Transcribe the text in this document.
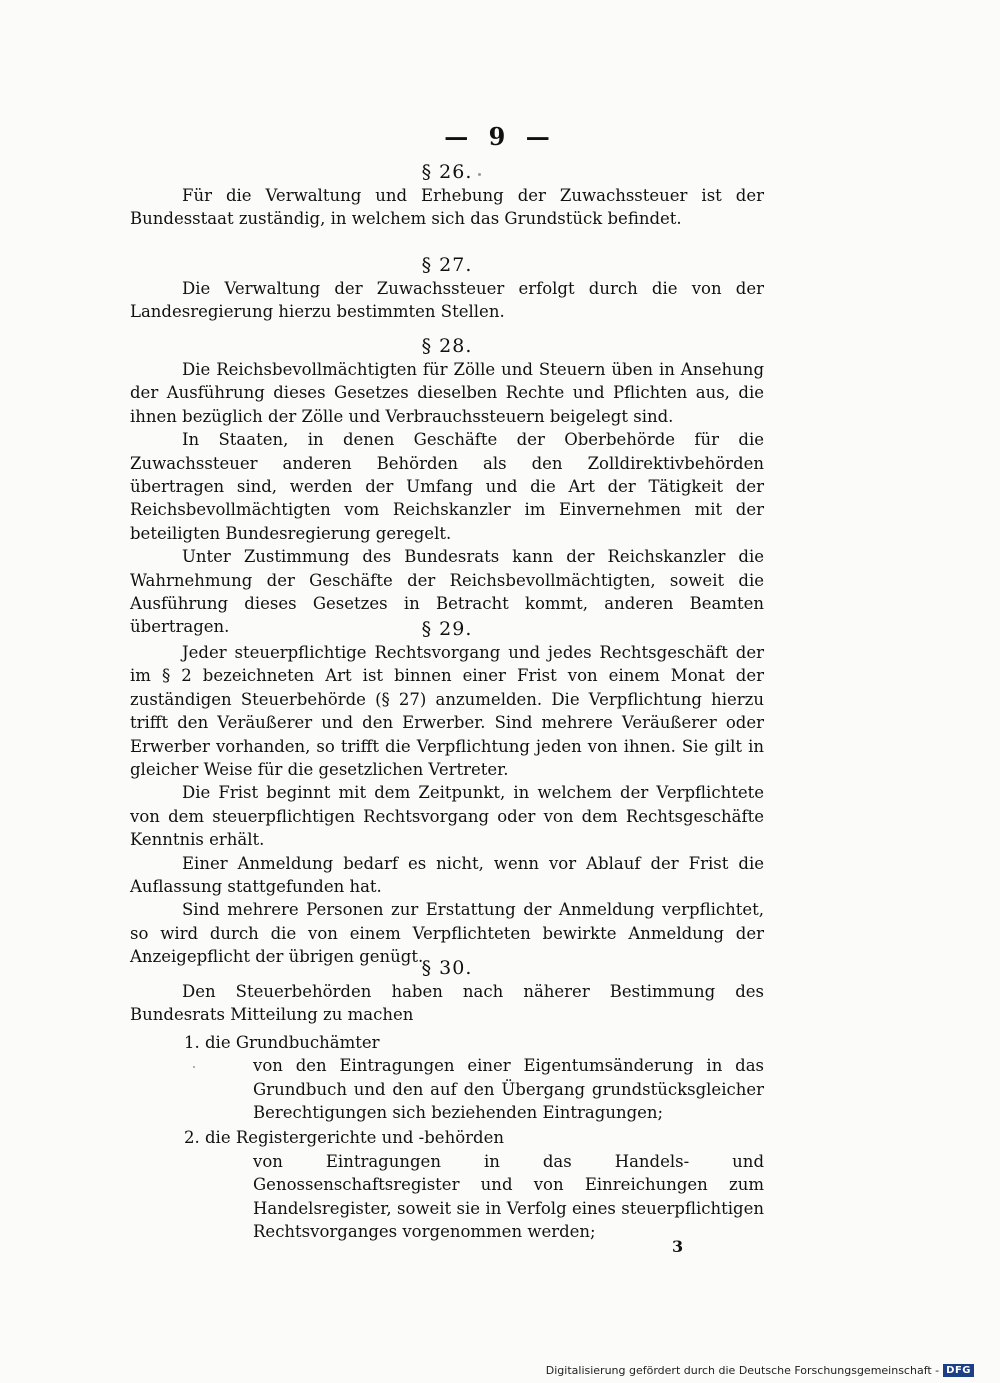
— 9 —

§ 26.

Für die Verwaltung und Erhebung der Zuwachssteuer ist der Bundesstaat zuständig, in welchem sich das Grundstück befindet.

§ 27.

Die Verwaltung der Zuwachssteuer erfolgt durch die von der Landesregierung hierzu bestimmten Stellen.

§ 28.

Die Reichsbevollmächtigten für Zölle und Steuern üben in Ansehung der Ausführung dieses Gesetzes dieselben Rechte und Pflichten aus, die ihnen bezüglich der Zölle und Verbrauchssteuern beigelegt sind.

In Staaten, in denen Geschäfte der Oberbehörde für die Zuwachssteuer anderen Behörden als den Zolldirektivbehörden übertragen sind, werden der Umfang und die Art der Tätigkeit der Reichsbevollmächtigten vom Reichskanzler im Einvernehmen mit der beteiligten Bundesregierung geregelt.

Unter Zustimmung des Bundesrats kann der Reichskanzler die Wahrnehmung der Geschäfte der Reichsbevollmächtigten, soweit die Ausführung dieses Gesetzes in Betracht kommt, anderen Beamten übertragen.	§ 29.

Jeder steuerpflichtige Rechtsvorgang und jedes Rechtsgeschäft der im § 2 bezeichneten Art ist binnen einer Frist von einem Monat der zuständigen Steuerbehörde (§ 27) anzumelden. Die Verpflichtung hierzu trifft den Veräußerer und den Erwerber. Sind mehrere Veräußerer oder Erwerber vorhanden, so trifft die Verpflichtung jeden von ihnen. Sie gilt in gleicher Weise für die gesetzlichen Vertreter.

Die Frist beginnt mit dem Zeitpunkt, in welchem der Verpflichtete von dem steuerpflichtigen Rechtsvorgang oder von dem Rechtsgeschäfte Kenntnis erhält.

Einer Anmeldung bedarf es nicht, wenn vor Ablauf der Frist die Auflassung stattgefunden hat.

Sind mehrere Personen zur Erstattung der Anmeldung verpflichtet, so wird durch die von einem Verpflichteten bewirkte Anmeldung der Anzeigepflicht der übrigen genügt.

§ 30.

Den Steuerbehörden haben nach näherer Bestimmung des Bundesrats Mitteilung zu machen

1. die Grundbuchämter

von den Eintragungen einer Eigentumsänderung in das Grundbuch und den auf den Übergang grundstücksgleicher Berechtigungen sich beziehenden Eintragungen;

2. die Registergerichte und -behörden

von Eintragungen in das Handels- und Genossenschaftsregister und von Einreichungen zum Handelsregister, soweit sie in Verfolg eines steuerpflichtigen Rechtsvorganges vorgenommen werden;

3
Digitalisierung gefördert durch die Deutsche Forschungsgemeinschaft - DFG
